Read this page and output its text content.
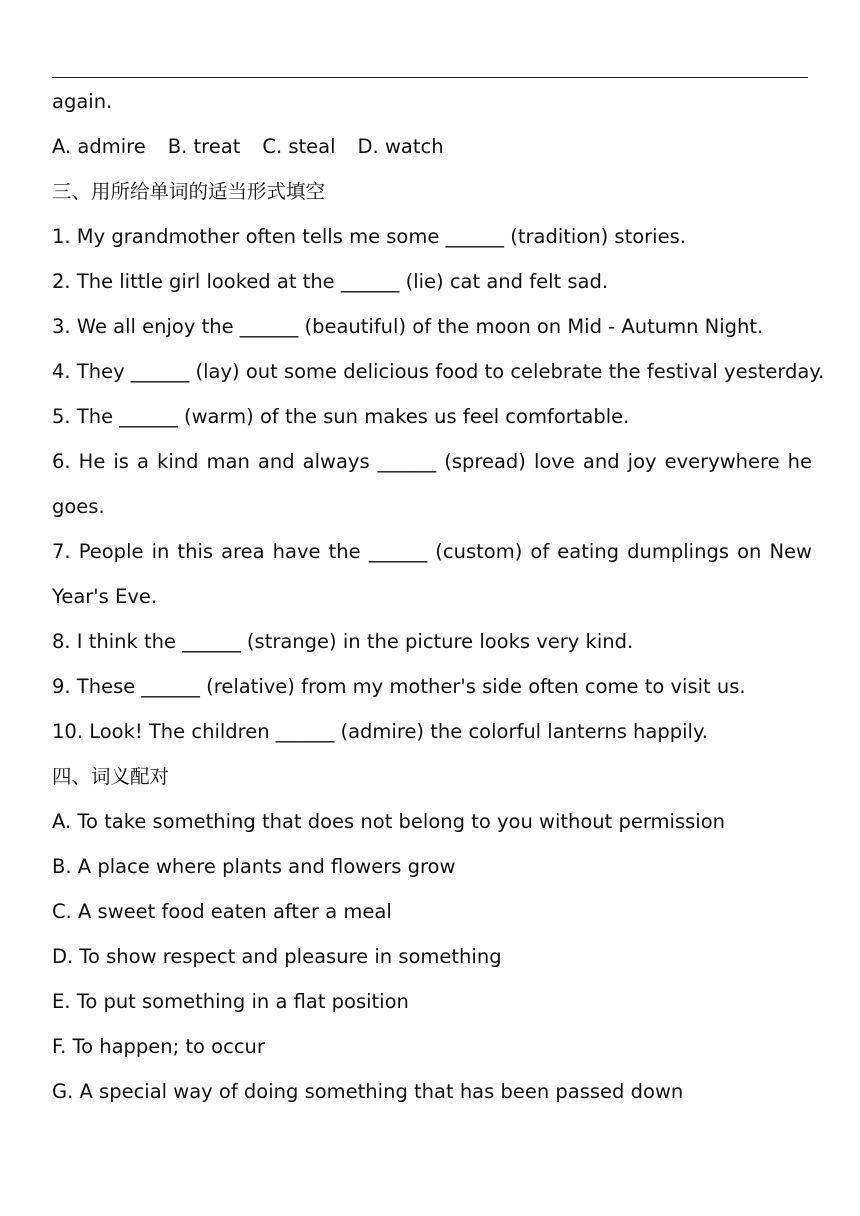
again.
A. admire B. treat C. steal D. watch
三、用所给单词的适当形式填空
1. My grandmother often tells me some ______ (tradition) stories.
2. The little girl looked at the ______ (lie) cat and felt sad.
3. We all enjoy the ______ (beautiful) of the moon on Mid - Autumn Night.
4. They ______ (lay) out some delicious food to celebrate the festival yesterday.
5. The ______ (warm) of the sun makes us feel comfortable.
6. He is a kind man and always ______ (spread) love and joy everywhere he
goes.
7. People in this area have the ______ (custom) of eating dumplings on New
Year's Eve.
8. I think the ______ (strange) in the picture looks very kind.
9. These ______ (relative) from my mother's side often come to visit us.
10. Look! The children ______ (admire) the colorful lanterns happily.
四、词义配对
A. To take something that does not belong to you without permission
B. A place where plants and flowers grow
C. A sweet food eaten after a meal
D. To show respect and pleasure in something
E. To put something in a flat position
F. To happen; to occur
G. A special way of doing something that has been passed down
